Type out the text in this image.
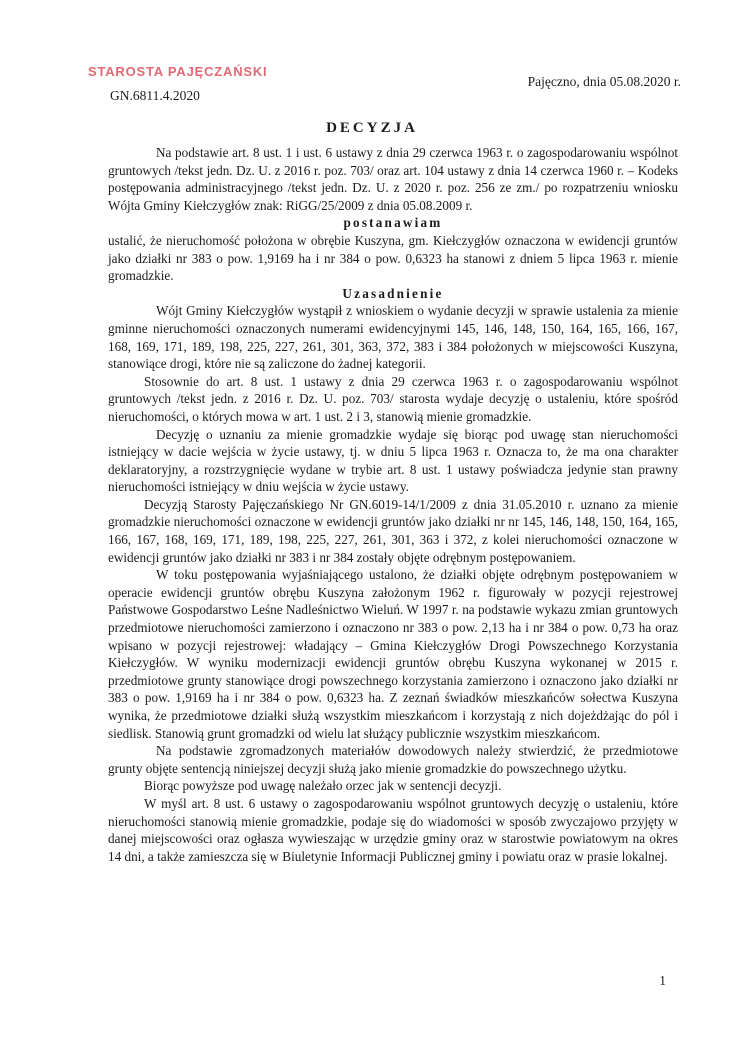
STAROSTA PAJĘCZAŃSKI
GN.6811.4.2020
Pajęczno, dnia 05.08.2020 r.
DECYZJA

Na podstawie art. 8 ust. 1 i ust. 6 ustawy z dnia 29 czerwca 1963 r. o zagospodarowaniu wspólnot gruntowych /tekst jedn. Dz. U. z 2016 r. poz. 703/ oraz art. 104 ustawy z dnia 14 czerwca 1960 r. – Kodeks postępowania administracyjnego /tekst jedn. Dz. U. z 2020 r. poz. 256 ze zm./ po rozpatrzeniu wniosku Wójta Gminy Kiełczygłów znak: RiGG/25/2009 z dnia 05.08.2009 r.

postanawiam

ustalić, że nieruchomość położona w obrębie Kuszyna, gm. Kiełczygłów oznaczona w ewidencji gruntów jako działki nr 383 o pow. 1,9169 ha i nr 384 o pow. 0,6323 ha stanowi z dniem 5 lipca 1963 r. mienie gromadzkie.

Uzasadnienie

Wójt Gminy Kiełczygłów wystąpił z wnioskiem o wydanie decyzji w sprawie ustalenia za mienie gminne nieruchomości oznaczonych numerami ewidencyjnymi 145, 146, 148, 150, 164, 165, 166, 167, 168, 169, 171, 189, 198, 225, 227, 261, 301, 363, 372, 383 i 384 położonych w miejscowości Kuszyna, stanowiące drogi, które nie są zaliczone do żadnej kategorii.

Stosownie do art. 8 ust. 1 ustawy z dnia 29 czerwca 1963 r. o zagospodarowaniu wspólnot gruntowych /tekst jedn. z 2016 r. Dz. U. poz. 703/ starosta wydaje decyzję o ustaleniu, które spośród nieruchomości, o których mowa w art. 1 ust. 2 i 3, stanowią mienie gromadzkie.

Decyzję o uznaniu za mienie gromadzkie wydaje się biorąc pod uwagę stan nieruchomości istniejący w dacie wejścia w życie ustawy, tj. w dniu 5 lipca 1963 r. Oznacza to, że ma ona charakter deklaratoryjny, a rozstrzygnięcie wydane w trybie art. 8 ust. 1 ustawy poświadcza jedynie stan prawny nieruchomości istniejący w dniu wejścia w życie ustawy.

Decyzją Starosty Pajęczańskiego Nr GN.6019-14/1/2009 z dnia 31.05.2010 r. uznano za mienie gromadzkie nieruchomości oznaczone w ewidencji gruntów jako działki nr nr 145, 146, 148, 150, 164, 165, 166, 167, 168, 169, 171, 189, 198, 225, 227, 261, 301, 363 i 372, z kolei nieruchomości oznaczone w ewidencji gruntów jako działki nr 383 i nr 384 zostały objęte odrębnym postępowaniem.

W toku postępowania wyjaśniającego ustalono, że działki objęte odrębnym postępowaniem w operacie ewidencji gruntów obrębu Kuszyna założonym 1962 r. figurowały w pozycji rejestrowej Państwowe Gospodarstwo Leśne Nadleśnictwo Wieluń. W 1997 r. na podstawie wykazu zmian gruntowych przedmiotowe nieruchomości zamierzono i oznaczono nr 383 o pow. 2,13 ha i nr 384 o pow. 0,73 ha oraz wpisano w pozycji rejestrowej: władający – Gmina Kiełczygłów Drogi Powszechnego Korzystania Kiełczygłów. W wyniku modernizacji ewidencji gruntów obrębu Kuszyna wykonanej w 2015 r. przedmiotowe grunty stanowiące drogi powszechnego korzystania zamierzono i oznaczono jako działki nr 383 o pow. 1,9169 ha i nr 384 o pow. 0,6323 ha. Z zeznań świadków mieszkańców sołectwa Kuszyna wynika, że przedmiotowe działki służą wszystkim mieszkańcom i korzystają z nich dojeżdżając do pól i siedlisk. Stanowią grunt gromadzki od wielu lat służący publicznie wszystkim mieszkańcom.

Na podstawie zgromadzonych materiałów dowodowych należy stwierdzić, że przedmiotowe grunty objęte sentencją niniejszej decyzji służą jako mienie gromadzkie do powszechnego użytku.

Biorąc powyższe pod uwagę należało orzec jak w sentencji decyzji.

W myśl art. 8 ust. 6 ustawy o zagospodarowaniu wspólnot gruntowych decyzję o ustaleniu, które nieruchomości stanowią mienie gromadzkie, podaje się do wiadomości w sposób zwyczajowo przyjęty w danej miejscowości oraz ogłasza wywieszając w urzędzie gminy oraz w starostwie powiatowym na okres 14 dni, a także zamieszcza się w Biuletynie Informacji Publicznej gminy i powiatu oraz w prasie lokalnej.

1
